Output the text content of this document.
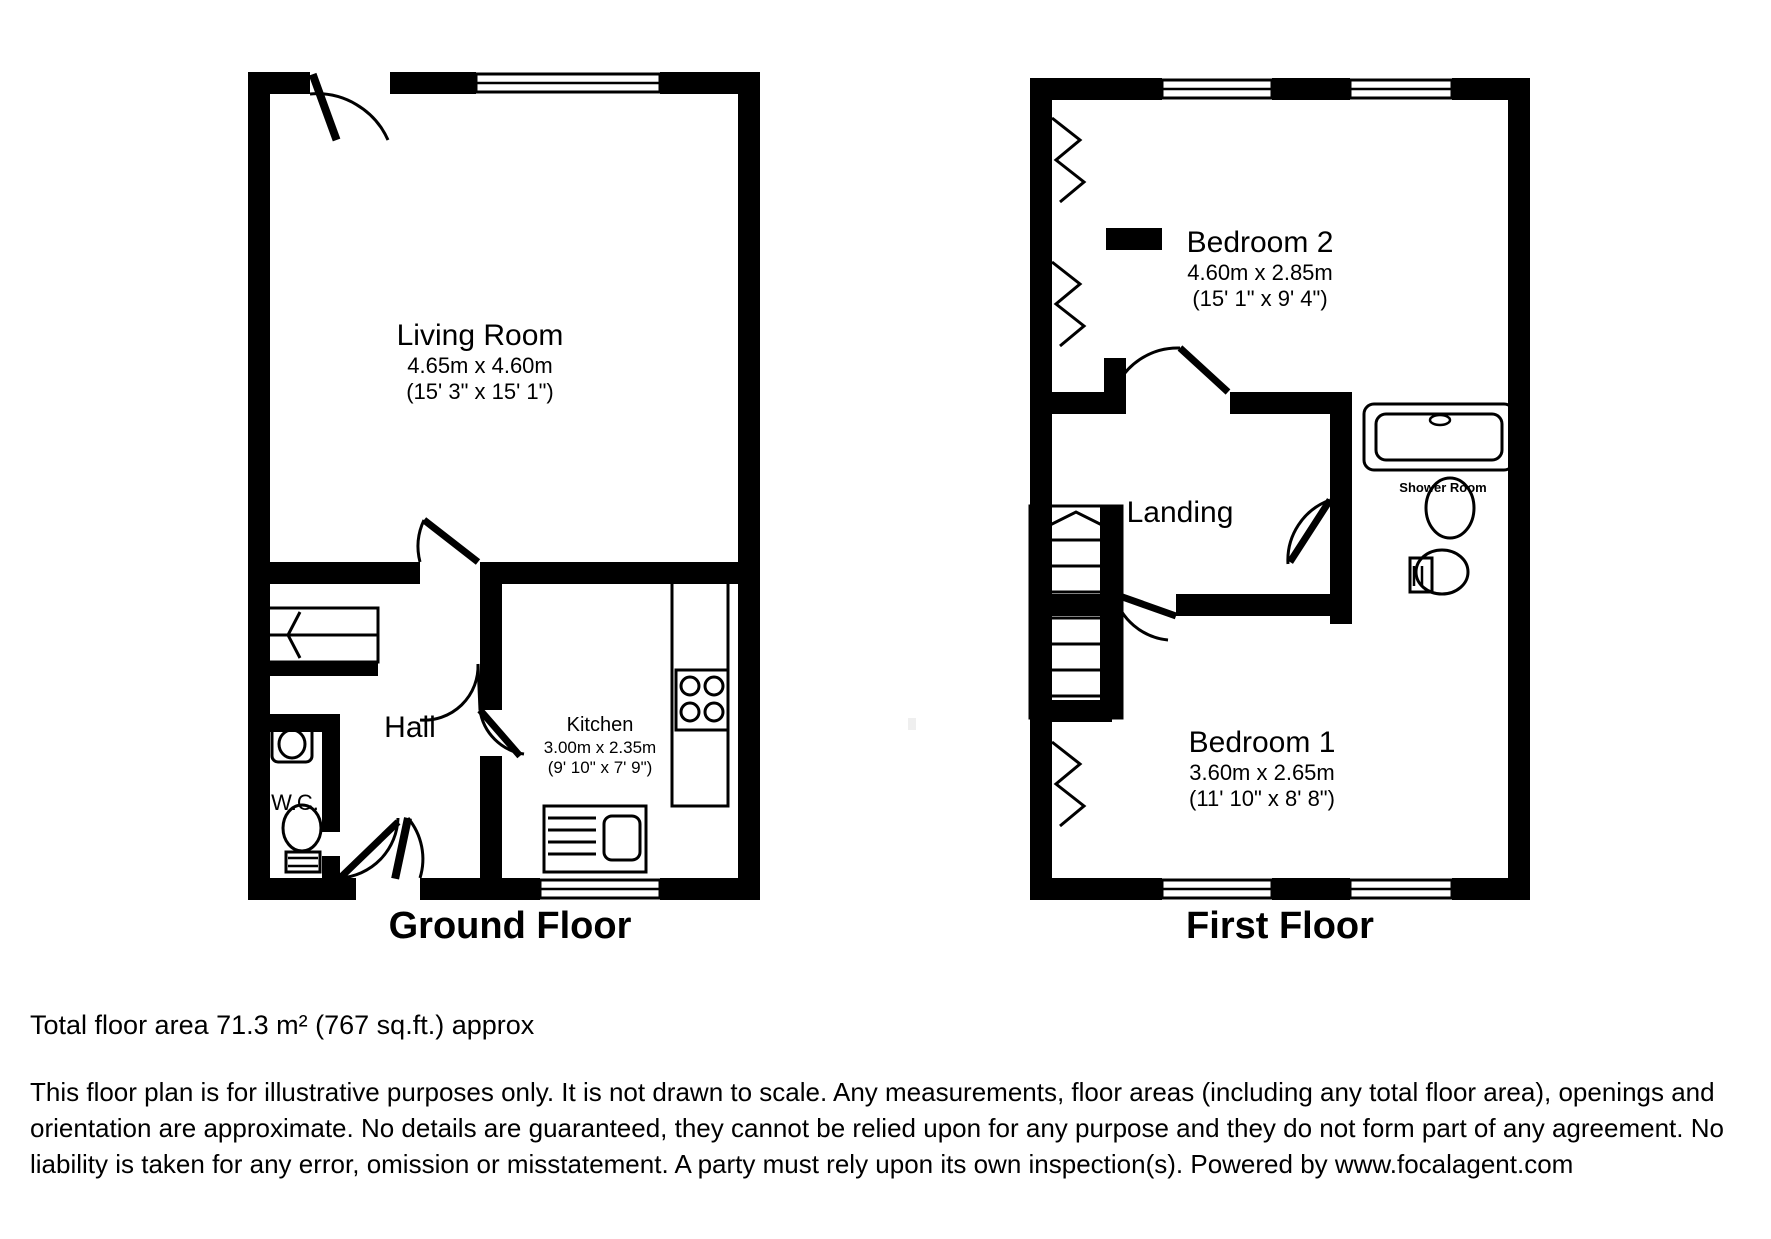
Living Room
4.65m x 4.60m
(15' 3" x 15' 1")
Hall	Kitchen
3.00m x 2.35m
(9' 10" x 7' 9")
W.C.
Bedroom 2
4.60m x 2.85m
(15' 1" x 9' 4")
Landing
Shower Room
Bedroom 1
3.60m x 2.65m
(11' 10" x 8' 8")
Ground Floor	First Floor
Total floor area 71.3 m² (767 sq.ft.) approx
This floor plan is for illustrative purposes only. It is not drawn to scale. Any measurements, floor areas (including any total floor area), openings and orientation are approximate. No details are guaranteed, they cannot be relied upon for any purpose and they do not form part of any agreement. No liability is taken for any error, omission or misstatement. A party must rely upon its own inspection(s). Powered by www.focalagent.com
